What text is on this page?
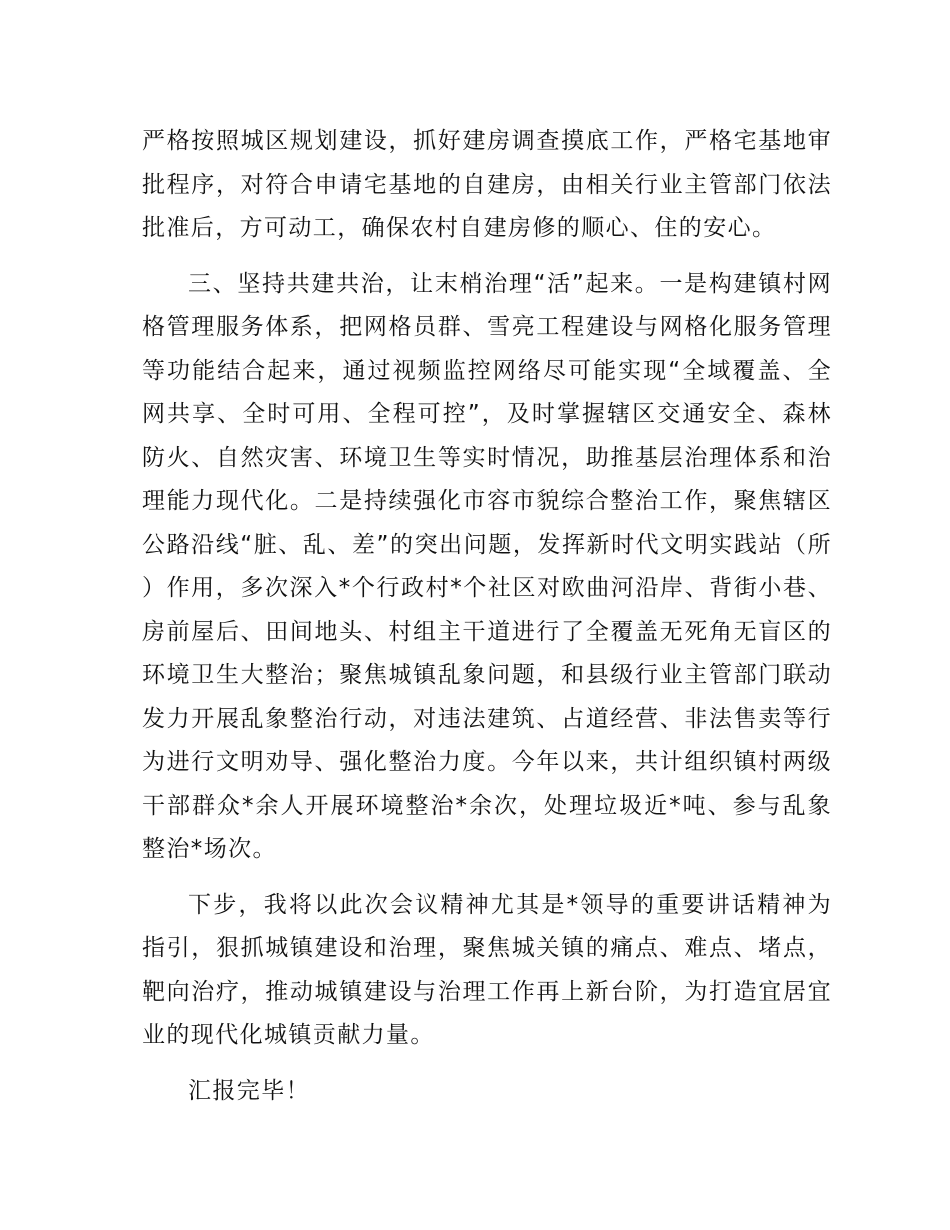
严格按照城区规划建设，抓好建房调查摸底工作，严格宅基地审批程序，对符合申请宅基地的自建房，由相关行业主管部门依法批准后，方可动工，确保农村自建房修的顺心、住的安心。

三、坚持共建共治，让末梢治理“活”起来。一是构建镇村网格管理服务体系，把网格员群、雪亮工程建设与网格化服务管理等功能结合起来，通过视频监控网络尽可能实现“全域覆盖、全网共享、全时可用、全程可控”，及时掌握辖区交通安全、森林防火、自然灾害、环境卫生等实时情况，助推基层治理体系和治理能力现代化。二是持续强化市容市貌综合整治工作，聚焦辖区公路沿线“脏、乱、差”的突出问题，发挥新时代文明实践站（所）作用，多次深入*个行政村*个社区对欧曲河沿岸、背街小巷、房前屋后、田间地头、村组主干道进行了全覆盖无死角无盲区的环境卫生大整治；聚焦城镇乱象问题，和县级行业主管部门联动发力开展乱象整治行动，对违法建筑、占道经营、非法售卖等行为进行文明劝导、强化整治力度。今年以来，共计组织镇村两级干部群众*余人开展环境整治*余次，处理垃圾近*吨、参与乱象整治*场次。

下步，我将以此次会议精神尤其是*领导的重要讲话精神为指引，狠抓城镇建设和治理，聚焦城关镇的痛点、难点、堵点，靶向治疗，推动城镇建设与治理工作再上新台阶，为打造宜居宜业的现代化城镇贡献力量。

汇报完毕！
